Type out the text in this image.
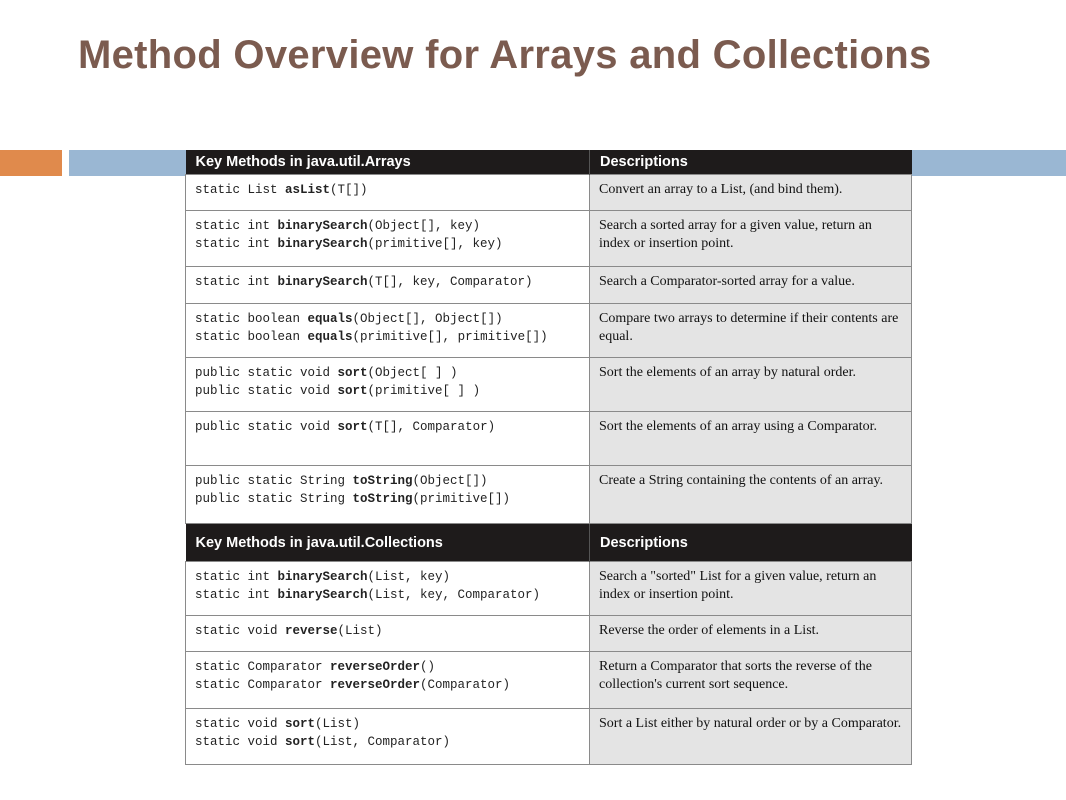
Method Overview for Arrays and Collections
Key Methods in java.util.Arrays	Descriptions

static List asList(T[])	Convert an array to a List, (and bind them).

static int binarySearch(Object[], key)
static int binarySearch(primitive[], key)	Search a sorted array for a given value, return an index or insertion point.

static int binarySearch(T[], key, Comparator)	Search a Comparator-sorted array for a value.

static boolean equals(Object[], Object[])
static boolean equals(primitive[], primitive[])	Compare two arrays to determine if their contents are equal.

public static void sort(Object[ ] )
public static void sort(primitive[ ] )	Sort the elements of an array by natural order.

public static void sort(T[], Comparator)	Sort the elements of an array using a Comparator.

public static String toString(Object[])
public static String toString(primitive[])	Create a String containing the contents of an array.
Key Methods in java.util.Collections	Descriptions

static int binarySearch(List, key)
static int binarySearch(List, key, Comparator)	Search a "sorted" List for a given value, return an index or insertion point.

static void reverse(List)	Reverse the order of elements in a List.

static Comparator reverseOrder()
static Comparator reverseOrder(Comparator)	Return a Comparator that sorts the reverse of the collection's current sort sequence.

static void sort(List)
static void sort(List, Comparator)	Sort a List either by natural order or by a Comparator.
